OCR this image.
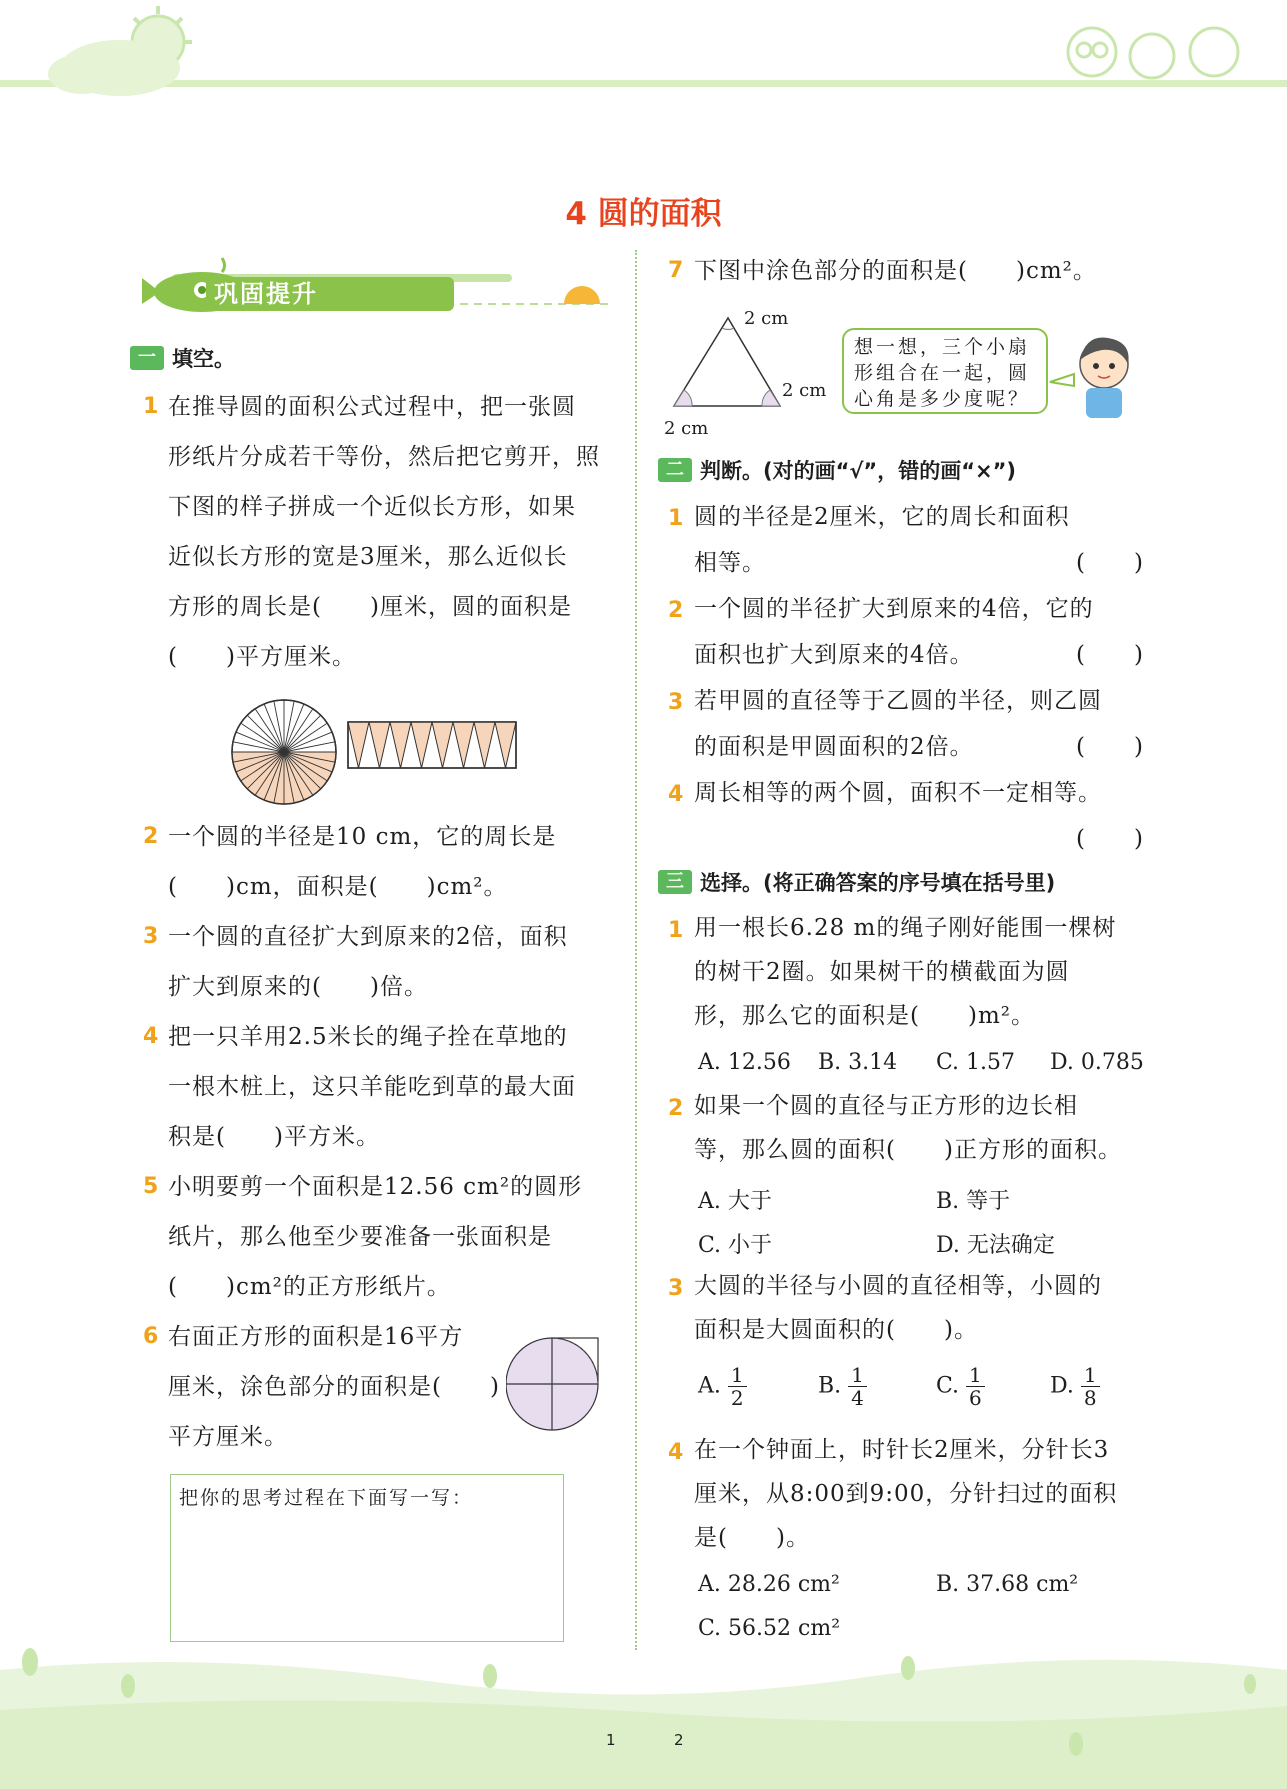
4 圆的面积
巩固提升
一 填空。
1 在推导圆的面积公式过程中，把一张圆
形纸片分成若干等份，然后把它剪开，照
下图的样子拼成一个近似长方形，如果
近似长方形的宽是3厘米，那么近似长
方形的周长是(　　)厘米，圆的面积是
(　　)平方厘米。
2 一个圆的半径是10 cm，它的周长是
(　　)cm，面积是(　　)cm²。
3 一个圆的直径扩大到原来的2倍，面积
扩大到原来的(　　)倍。
4 把一只羊用2.5米长的绳子拴在草地的
一根木桩上，这只羊能吃到草的最大面
积是(　　)平方米。
5 小明要剪一个面积是12.56 cm²的圆形
纸片，那么他至少要准备一张面积是
(　　)cm²的正方形纸片。
6 右面正方形的面积是16平方
厘米，涂色部分的面积是(　　)
平方厘米。
把你的思考过程在下面写一写：
7 下图中涂色部分的面积是(　　)cm²。
2 cm
2 cm
2 cm
想一想，三个小扇
形组合在一起，圆
心角是多少度呢？
二 判断。(对的画“√”，错的画“×”)
1 圆的半径是2厘米，它的周长和面积
相等。	(　　)
2 一个圆的半径扩大到原来的4倍，它的
面积也扩大到原来的4倍。	(　　)
3 若甲圆的直径等于乙圆的半径，则乙圆
的面积是甲圆面积的2倍。	(　　)
4 周长相等的两个圆，面积不一定相等。
(　　)
三 选择。(将正确答案的序号填在括号里)
1 用一根长6.28 m的绳子刚好能围一棵树
的树干2圈。如果树干的横截面为圆
形，那么它的面积是(　　)m²。
A. 12.56 B. 3.14 C. 1.57 D. 0.785
2 如果一个圆的直径与正方形的边长相
等，那么圆的面积(　　)正方形的面积。
A. 大于	B. 等于
C. 小于	D. 无法确定
3 大圆的半径与小圆的直径相等，小圆的
面积是大圆面积的(　　)。
A. $\frac{1}{2}$	B. $\frac{1}{4}$	C. $\frac{1}{6}$	D. $\frac{1}{8}$
4 在一个钟面上，时针长2厘米，分针长3
厘米，从8:00到9:00，分针扫过的面积
是(　　)。
A. 28.26 cm²	B. 37.68 cm²
C. 56.52 cm²
1	2
